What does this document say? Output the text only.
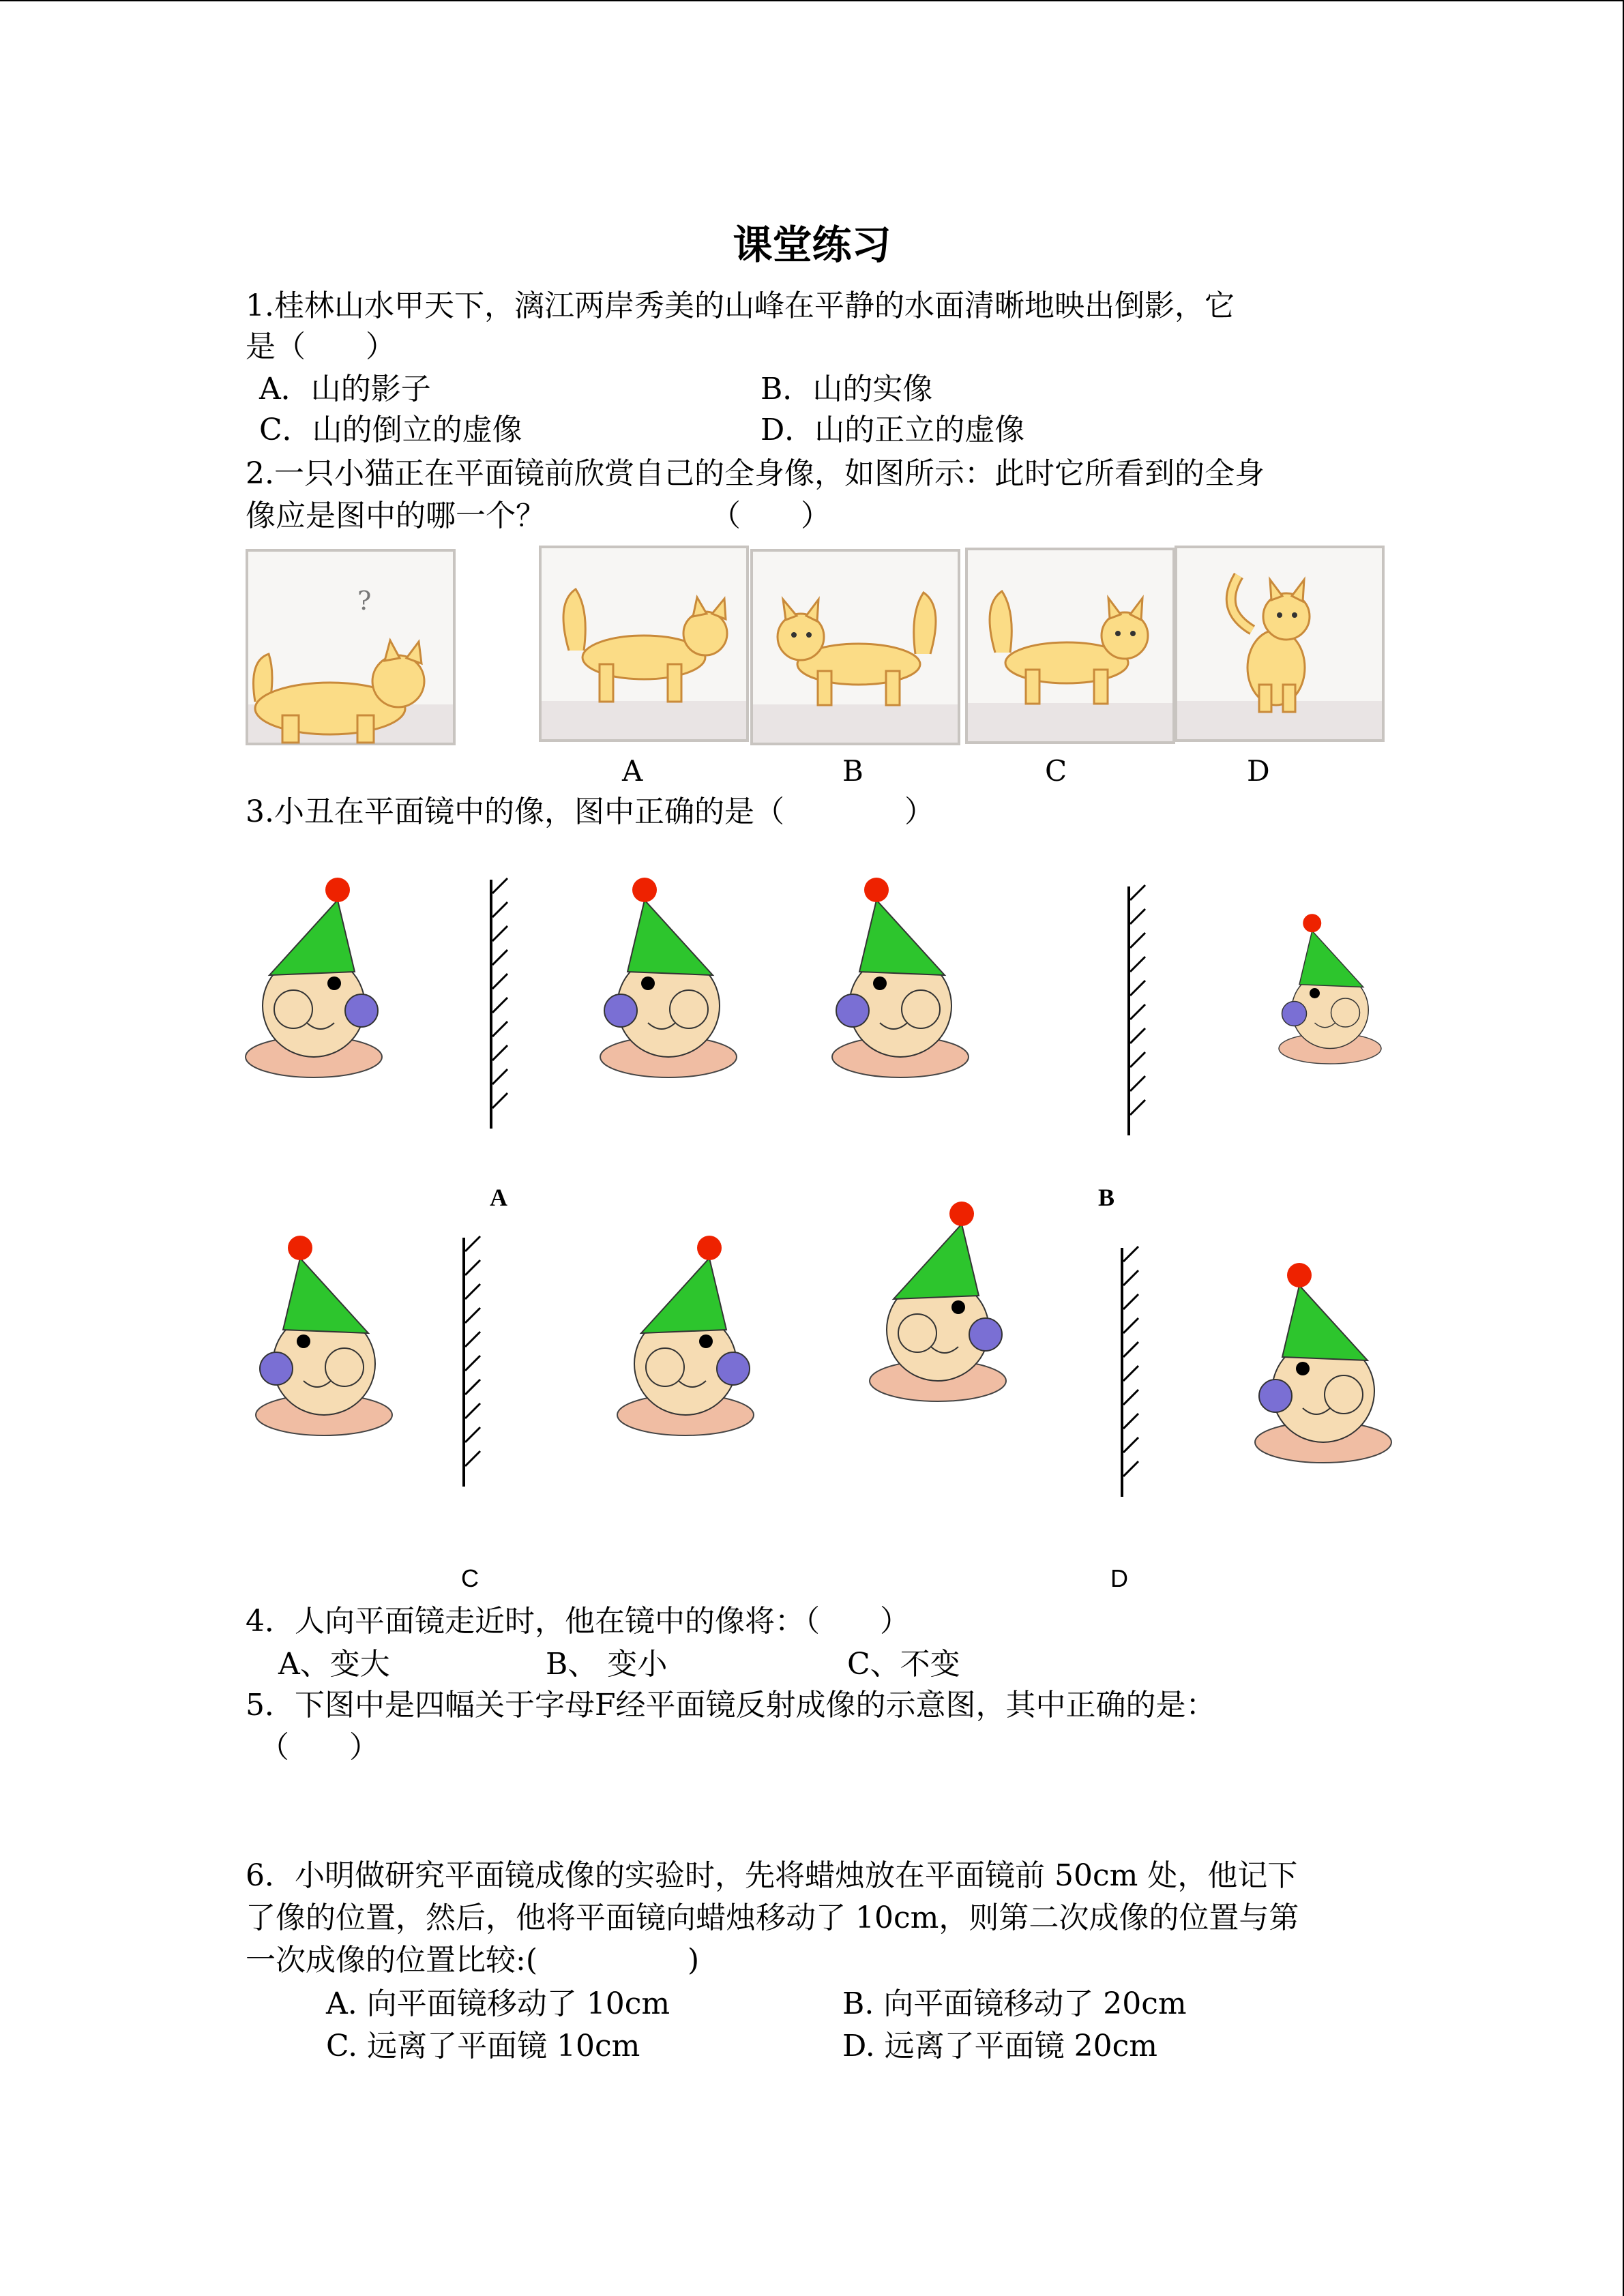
课堂练习
1.桂林山水甲天下，漓江两岸秀美的山峰在平静的水面清晰地映出倒影，它
是（　　）
A．山的影子	B．山的实像
C．山的倒立的虚像	D．山的正立的虚像
2.一只小猫正在平面镜前欣赏自己的全身像，如图所示：此时它所看到的全身
像应是图中的哪一个？　　　　　　（　　）
?
A	B	C	D
3.小丑在平面镜中的像，图中正确的是（　　　　）
A	B
C	D
4．人向平面镜走近时，他在镜中的像将：（　　）
A、变大	B、 变小	C、不变
5．下图中是四幅关于字母F经平面镜反射成像的示意图，其中正确的是：
（　　）
6．小明做研究平面镜成像的实验时，先将蜡烛放在平面镜前 50cm 处，他记下
了像的位置，然后，他将平面镜向蜡烛移动了 10cm，则第二次成像的位置与第
一次成像的位置比较:(　　　　　)
A. 向平面镜移动了 10cm	B. 向平面镜移动了 20cm
C. 远离了平面镜 10cm	D. 远离了平面镜 20cm
